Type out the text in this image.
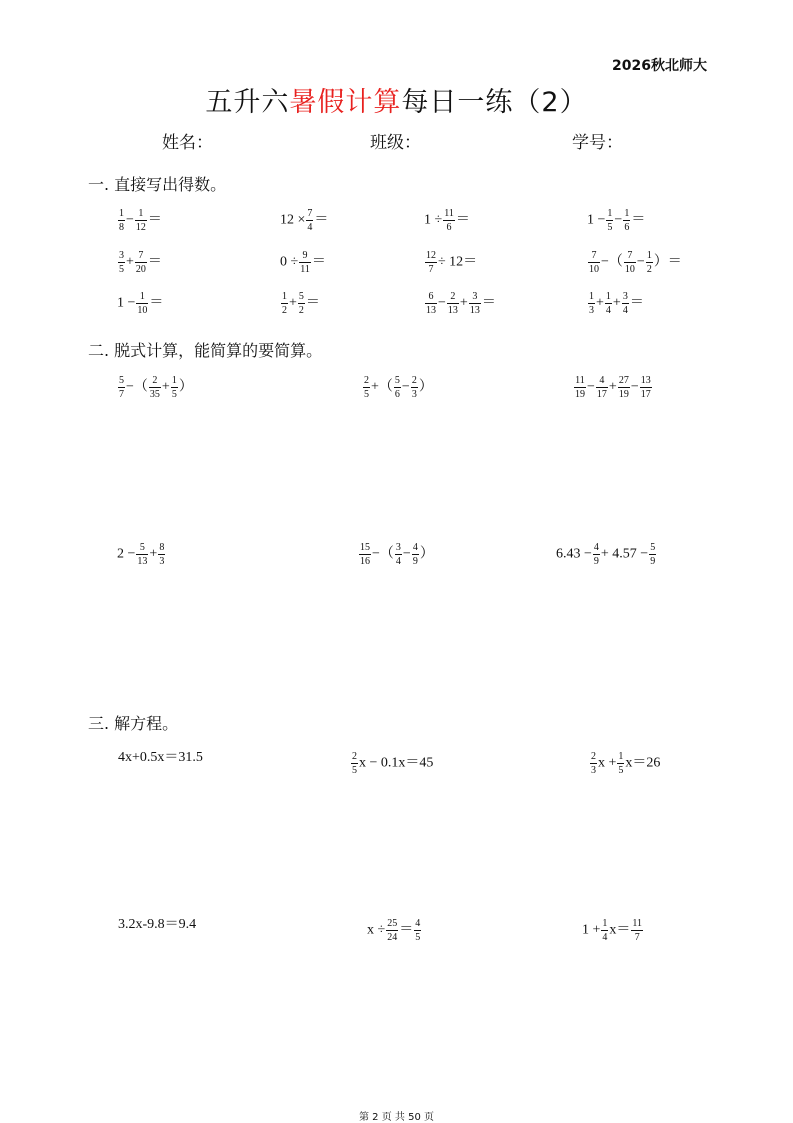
2026秋北师大
五升六暑假计算每日一练（2）
姓名：	班级：	学号：
一. 直接写出得数。
二. 脱式计算，能简算的要简算。
三. 解方程。
$\frac{1}{8} - \frac{1}{12}$ ＝	$12 \times \frac{7}{4}$ ＝	$1 \div \frac{11}{6}$ ＝	$1 - \frac{1}{5} - \frac{1}{6}$ ＝
$\frac{3}{5} + \frac{7}{20}$ ＝	$0 \div \frac{9}{11}$ ＝	$\frac{12}{7} \div 12=$	$\frac{7}{10}$ −（ $\frac{7}{10} - \frac{1}{2}$ ）＝
$1 - \frac{1}{10}$ ＝	$\frac{1}{2} + \frac{5}{2}$ ＝	$\frac{6}{13} - \frac{2}{13} + \frac{3}{13}$ ＝	$\frac{1}{3} + \frac{1}{4} + \frac{3}{4}$ ＝
$\frac{5}{7}$ −（ $\frac{2}{35} + \frac{1}{5}$ ）	$\frac{2}{5}$ +（ $\frac{5}{6} - \frac{2}{3}$ ）	$\frac{11}{19} - \frac{4}{17} + \frac{27}{19} - \frac{13}{17}$
$2 - \frac{5}{13} + \frac{8}{3}$	$\frac{15}{16}$ −（ $\frac{3}{4} - \frac{4}{9}$ ）	$6.43 - \frac{4}{9} + 4.57 - \frac{5}{9}$
4x+0.5x＝31.5	$\frac{2}{5}$ x − 0.1x＝45	$\frac{2}{3}$ $x + \frac{1}{5} x=26$
3.2x-9.8＝9.4	$x \div \frac{25}{24} = \frac{4}{5}$	$1 + \frac{1}{4} x= \frac{11}{7}$
第 2 页 共 50 页
